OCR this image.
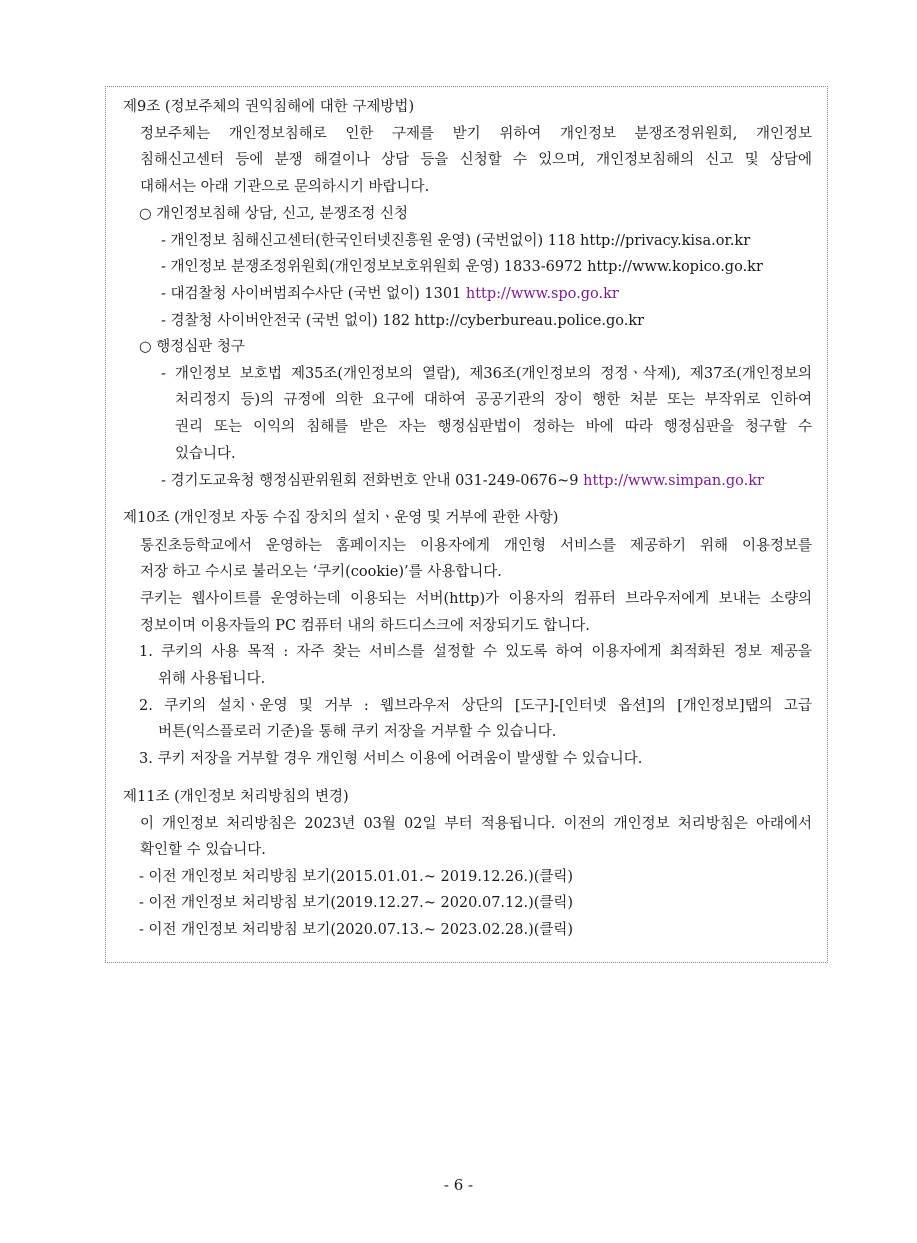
제9조 (정보주체의 권익침해에 대한 구제방법)
정보주체는 개인정보침해로 인한 구제를 받기 위하여 개인정보 분쟁조정위원회, 개인정보
침해신고센터 등에 분쟁 해결이나 상담 등을 신청할 수 있으며, 개인정보침해의 신고 및 상담에
대해서는 아래 기관으로 문의하시기 바랍니다.
○ 개인정보침해 상담, 신고, 분쟁조정 신청
- 개인정보 침해신고센터(한국인터넷진흥원 운영) (국번없이) 118 http://privacy.kisa.or.kr
- 개인정보 분쟁조정위원회(개인정보보호위원회 운영) 1833-6972 http://www.kopico.go.kr
- 대검찰청 사이버범죄수사단 (국번 없이) 1301 http://www.spo.go.kr
- 경찰청 사이버안전국 (국번 없이) 182 http://cyberbureau.police.go.kr
○ 행정심판 청구
- 개인정보 보호법 제35조(개인정보의 열람), 제36조(개인정보의 정정ㆍ삭제), 제37조(개인정보의
처리정지 등)의 규정에 의한 요구에 대하여 공공기관의 장이 행한 처분 또는 부작위로 인하여
권리 또는 이익의 침해를 받은 자는 행정심판법이 정하는 바에 따라 행정심판을 청구할 수
있습니다.
- 경기도교육청 행정심판위원회 전화번호 안내 031-249-0676~9 http://www.simpan.go.kr
제10조 (개인정보 자동 수집 장치의 설치ㆍ운영 및 거부에 관한 사항)
통진초등학교에서 운영하는 홈페이지는 이용자에게 개인형 서비스를 제공하기 위해 이용정보를
저장 하고 수시로 불러오는 ‘쿠키(cookie)’를 사용합니다.
쿠키는 웹사이트를 운영하는데 이용되는 서버(http)가 이용자의 컴퓨터 브라우저에게 보내는 소량의
정보이며 이용자들의 PC 컴퓨터 내의 하드디스크에 저장되기도 합니다.
1. 쿠키의 사용 목적 : 자주 찾는 서비스를 설정할 수 있도록 하여 이용자에게 최적화된 정보 제공을
위해 사용됩니다.
2. 쿠키의 설치ㆍ운영 및 거부 : 웹브라우저 상단의 [도구]-[인터넷 옵션]의 [개인정보]탭의 고급
버튼(익스플로러 기준)을 통해 쿠키 저장을 거부할 수 있습니다.
3. 쿠키 저장을 거부할 경우 개인형 서비스 이용에 어려움이 발생할 수 있습니다.
제11조 (개인정보 처리방침의 변경)
이 개인정보 처리방침은 2023년 03월 02일 부터 적용됩니다. 이전의 개인정보 처리방침은 아래에서
확인할 수 있습니다.
- 이전 개인정보 처리방침 보기(2015.01.01.~ 2019.12.26.)(클릭)
- 이전 개인정보 처리방침 보기(2019.12.27.~ 2020.07.12.)(클릭)
- 이전 개인정보 처리방침 보기(2020.07.13.~ 2023.02.28.)(클릭)
- 6 -
